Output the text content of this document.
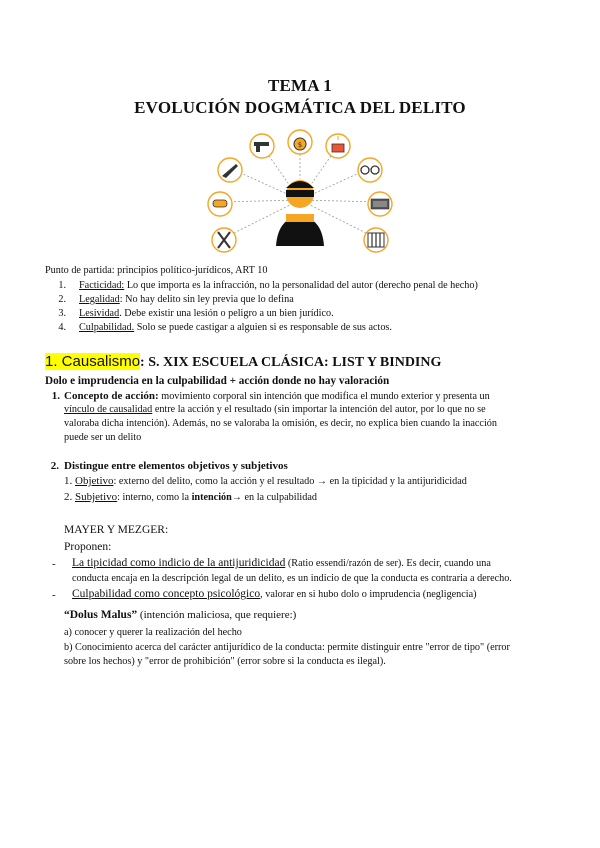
TEMA 1
EVOLUCIÓN DOGMÁTICA DEL DELITO
$
Punto de partida: principios político-jurídicos, ART 10
1. Facticidad: Lo que importa es la infracción, no la personalidad del autor (derecho penal de hecho)
2. Legalidad: No hay delito sin ley previa que lo defina
3. Lesividad. Debe existir una lesión o peligro a un bien jurídico.
4. Culpabilidad. Solo se puede castigar a alguien si es responsable de sus actos.
1. Causalismo: S. XIX ESCUELA CLÁSICA: LIST Y BINDING
Dolo e imprudencia en la culpabilidad + acción donde no hay valoración
1. Concepto de acción: movimiento corporal sin intención que modifica el mundo exterior y presenta un
vínculo de causalidad entre la acción y el resultado (sin importar la intención del autor, por lo que no se
valoraba dicha intención). Además, no se valoraba la omisión, es decir, no explica bien cuando la inacción
puede ser un delito
2. Distingue entre elementos objetivos y subjetivos
1. Objetivo: externo del delito, como la acción y el resultado → en la tipicidad y la antijuridicidad
2. Subjetivo: interno, como la intención→ en la culpabilidad
MAYER Y MEZGER:
Proponen:
- La tipicidad como indicio de la antijuridicidad (Ratio essendi/razón de ser). Es decir, cuando una
conducta encaja en la descripción legal de un delito, es un indicio de que la conducta es contraria a derecho.
- Culpabilidad como concepto psicológico, valorar en si hubo dolo o imprudencia (negligencia)
“Dolus Malus” (intención maliciosa, que requiere:)
a) conocer y querer la realización del hecho
b) Conocimiento acerca del carácter antijurídico de la conducta: permite distinguir entre "error de tipo" (error
sobre los hechos) y "error de prohibición" (error sobre si la conducta es ilegal).
